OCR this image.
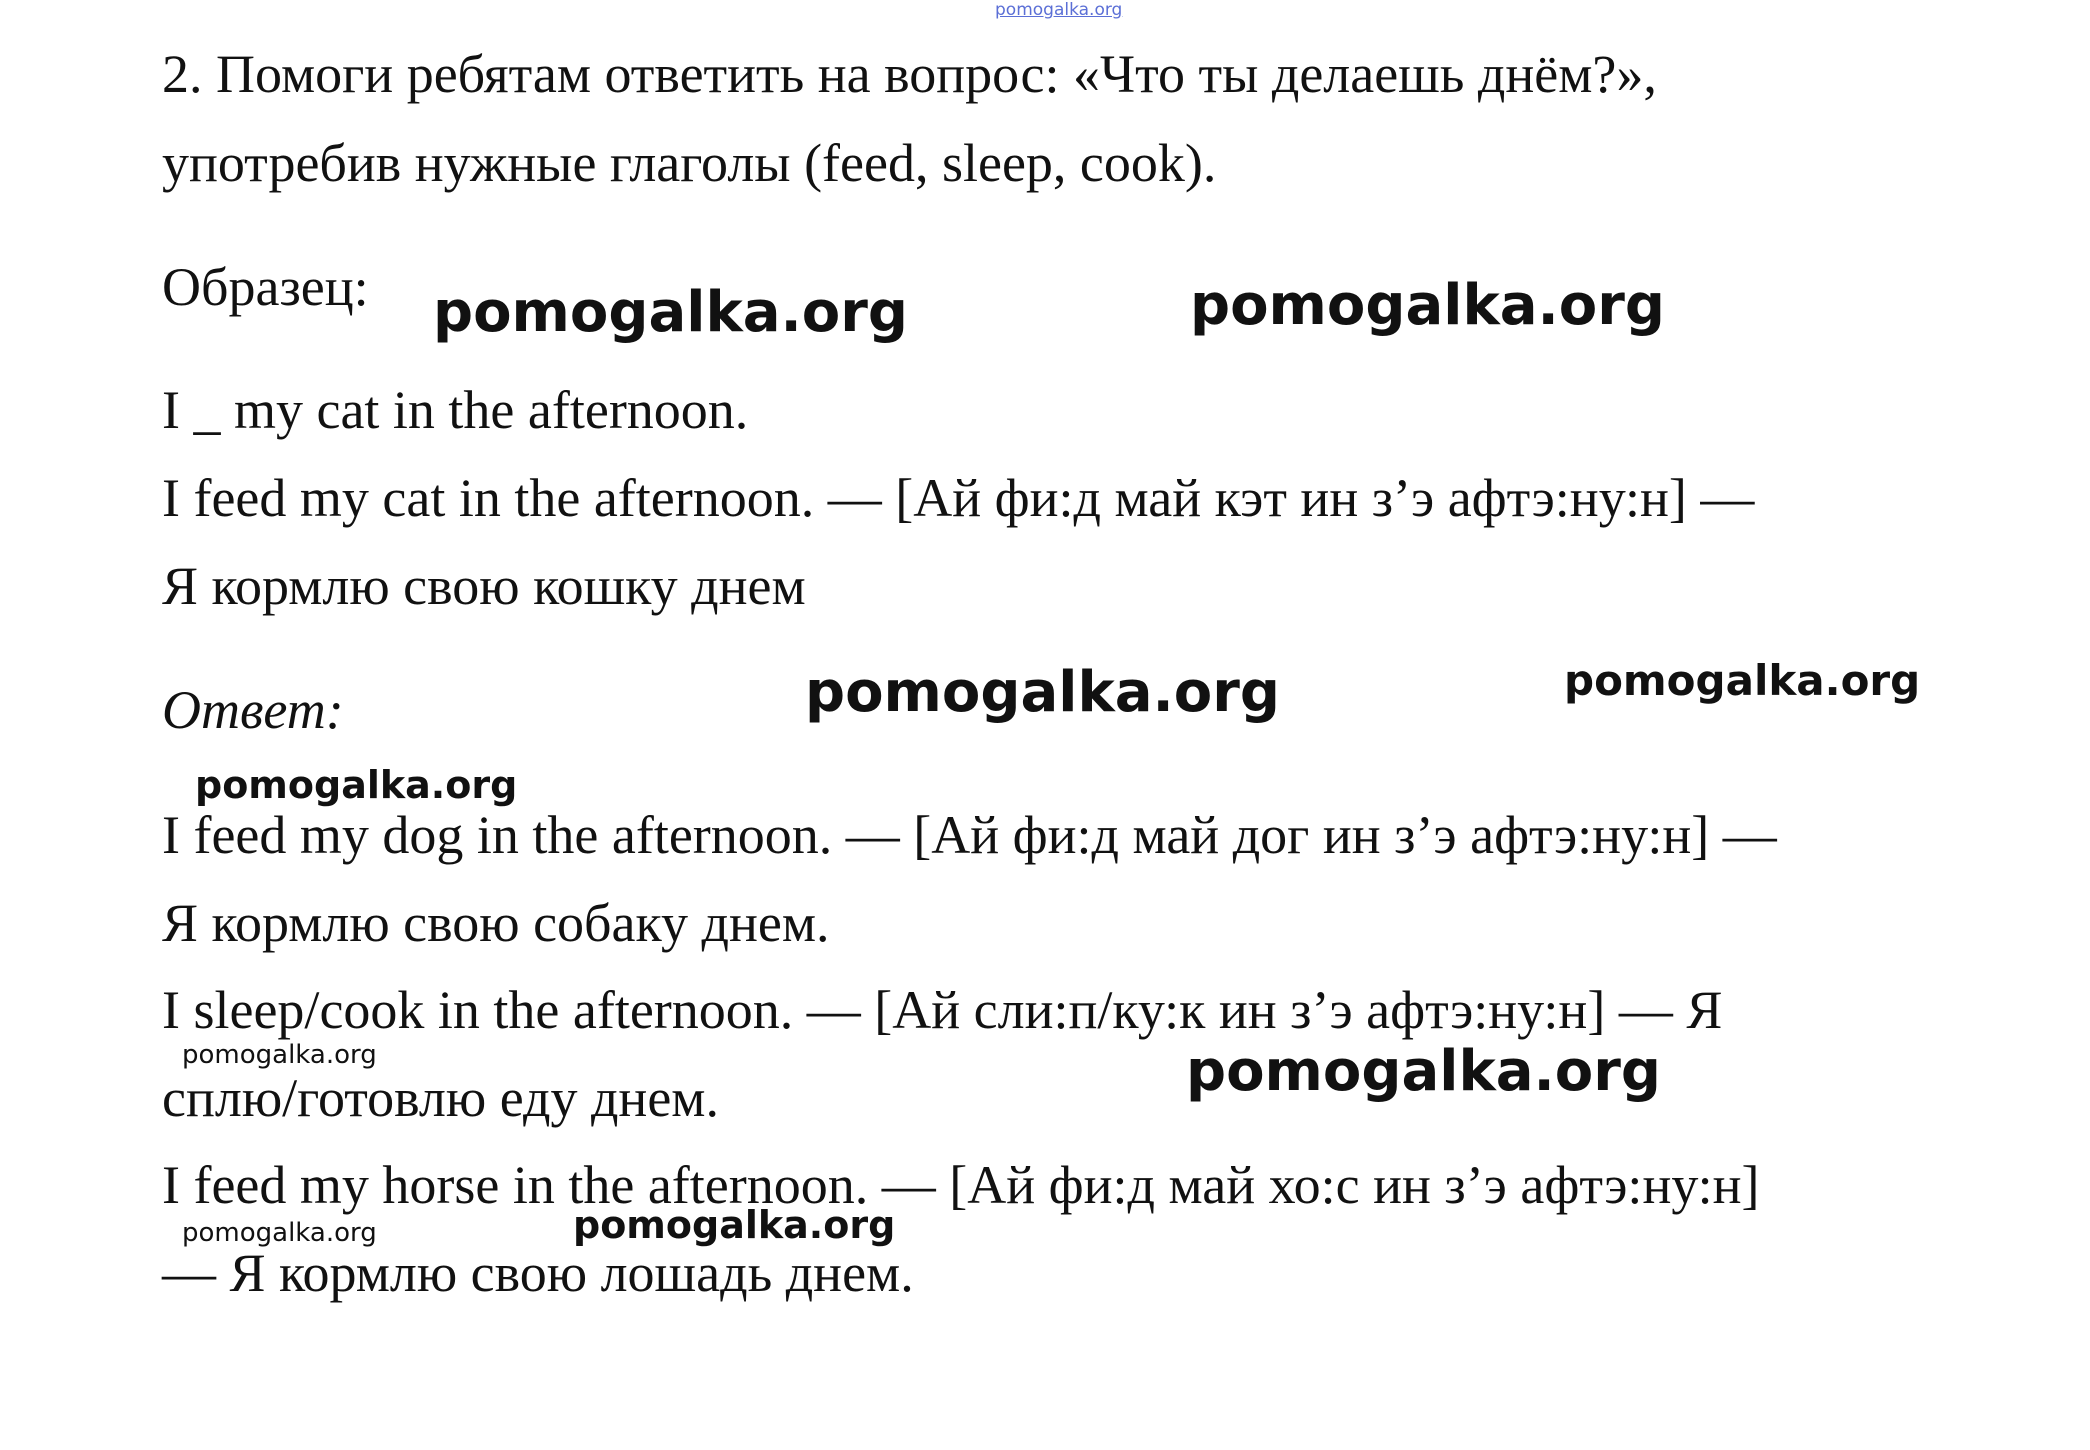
pomogalka.org

2. Помоги ребятам ответить на вопрос: «Что ты делаешь днём?»,

употребив нужные глаголы (feed, sleep, cook).

Образец:

I _ my cat in the afternoon.

I feed my cat in the afternoon. — [Ай фи:д май кэт ин з’э афтэ:ну:н] —

Я кормлю свою кошку днем

Ответ:

I feed my dog in the afternoon. — [Ай фи:д май дог ин з’э афтэ:ну:н] —

Я кормлю свою собаку днем.

I sleep/cook in the afternoon. — [Ай сли:п/ку:к ин з’э афтэ:ну:н] — Я

сплю/готовлю еду днем.

I feed my horse in the afternoon. — [Ай фи:д май хо:с ин з’э афтэ:ну:н]

— Я кормлю свою лошадь днем.

pomogalka.org	pomogalka.org
pomogalka.org	pomogalka.org
pomogalka.org
pomogalka.org	pomogalka.org
pomogalka.org	pomogalka.org
